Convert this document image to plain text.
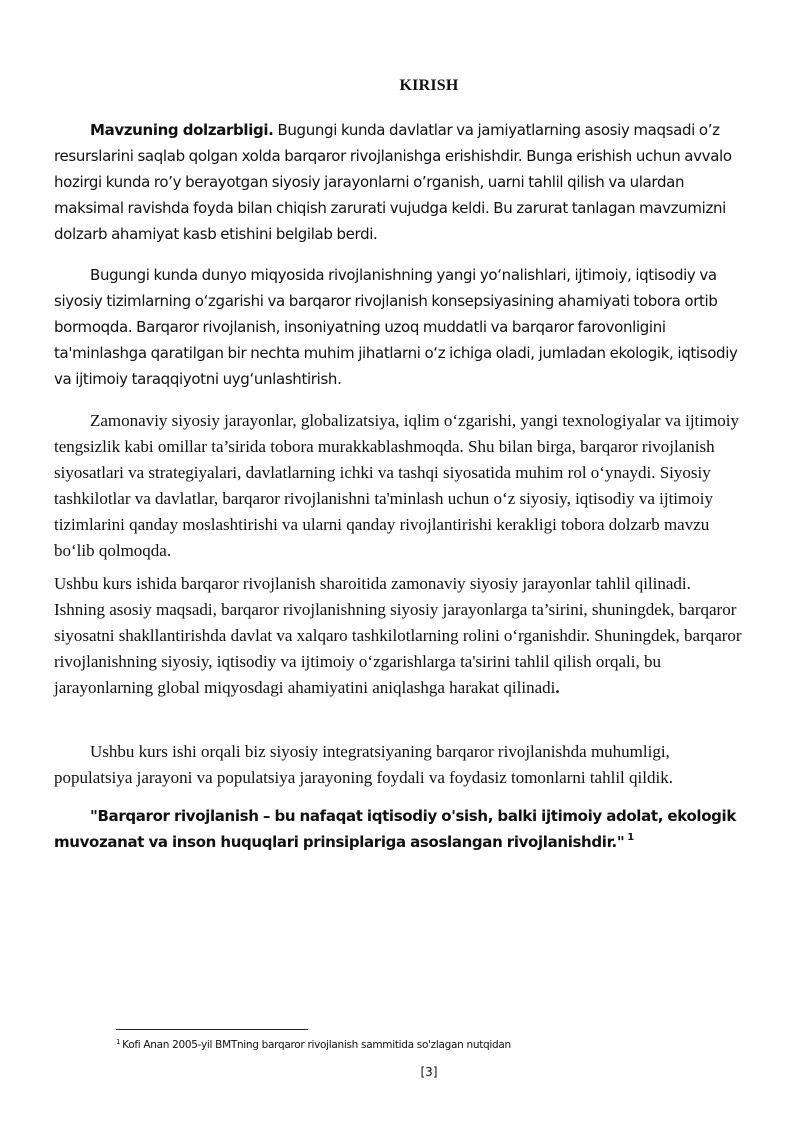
KIRISH

Mavzuning dolzarbligi. Bugungi kunda davlatlar va jamiyatlarning asosiy maqsadi o’z resurslarini saqlab qolgan xolda barqaror rivojlanishga erishishdir. Bunga erishish uchun avvalo hozirgi kunda ro’y berayotgan siyosiy jarayonlarni o’rganish, uarni tahlil qilish va ulardan maksimal ravishda foyda bilan chiqish zarurati vujudga keldi. Bu zarurat tanlagan mavzumizni dolzarb ahamiyat kasb etishini belgilab berdi.

Bugungi kunda dunyo miqyosida rivojlanishning yangi yoʻnalishlari, ijtimoiy, iqtisodiy va siyosiy tizimlarning oʻzgarishi va barqaror rivojlanish konsepsiyasining ahamiyati tobora ortib bormoqda. Barqaror rivojlanish, insoniyatning uzoq muddatli va barqaror farovonligini ta'minlashga qaratilgan bir nechta muhim jihatlarni oʻz ichiga oladi, jumladan ekologik, iqtisodiy va ijtimoiy taraqqiyotni uygʻunlashtirish.

Zamonaviy siyosiy jarayonlar, globalizatsiya, iqlim oʻzgarishi, yangi texnologiyalar va ijtimoiy tengsizlik kabi omillar ta’sirida tobora murakkablashmoqda. Shu bilan birga, barqaror rivojlanish siyosatlari va strategiyalari, davlatlarning ichki va tashqi siyosatida muhim rol oʻynaydi. Siyosiy tashkilotlar va davlatlar, barqaror rivojlanishni ta'minlash uchun oʻz siyosiy, iqtisodiy va ijtimoiy tizimlarini qanday moslashtirishi va ularni qanday rivojlantirishi kerakligi tobora dolzarb mavzu boʻlib qolmoqda.

Ushbu kurs ishida barqaror rivojlanish sharoitida zamonaviy siyosiy jarayonlar tahlil qilinadi. Ishning asosiy maqsadi, barqaror rivojlanishning siyosiy jarayonlarga ta’sirini, shuningdek, barqaror siyosatni shakllantirishda davlat va xalqaro tashkilotlarning rolini oʻrganishdir. Shuningdek, barqaror rivojlanishning siyosiy, iqtisodiy va ijtimoiy oʻzgarishlarga ta'sirini tahlil qilish orqali, bu jarayonlarning global miqyosdagi ahamiyatini aniqlashga harakat qilinadi.

Ushbu kurs ishi orqali biz siyosiy integratsiyaning barqaror rivojlanishda muhumligi, populatsiya jarayoni va populatsiya jarayoning foydali va foydasiz tomonlarni tahlil qildik.

"Barqaror rivojlanish – bu nafaqat iqtisodiy o'sish, balki ijtimoiy adolat, ekologik muvozanat va inson huquqlari prinsiplariga asoslangan rivojlanishdir." $^1$

$^1$ Kofi Anan 2005-yil BMTning barqaror rivojlanish sammitida so'zlagan nutqidan
[3]
